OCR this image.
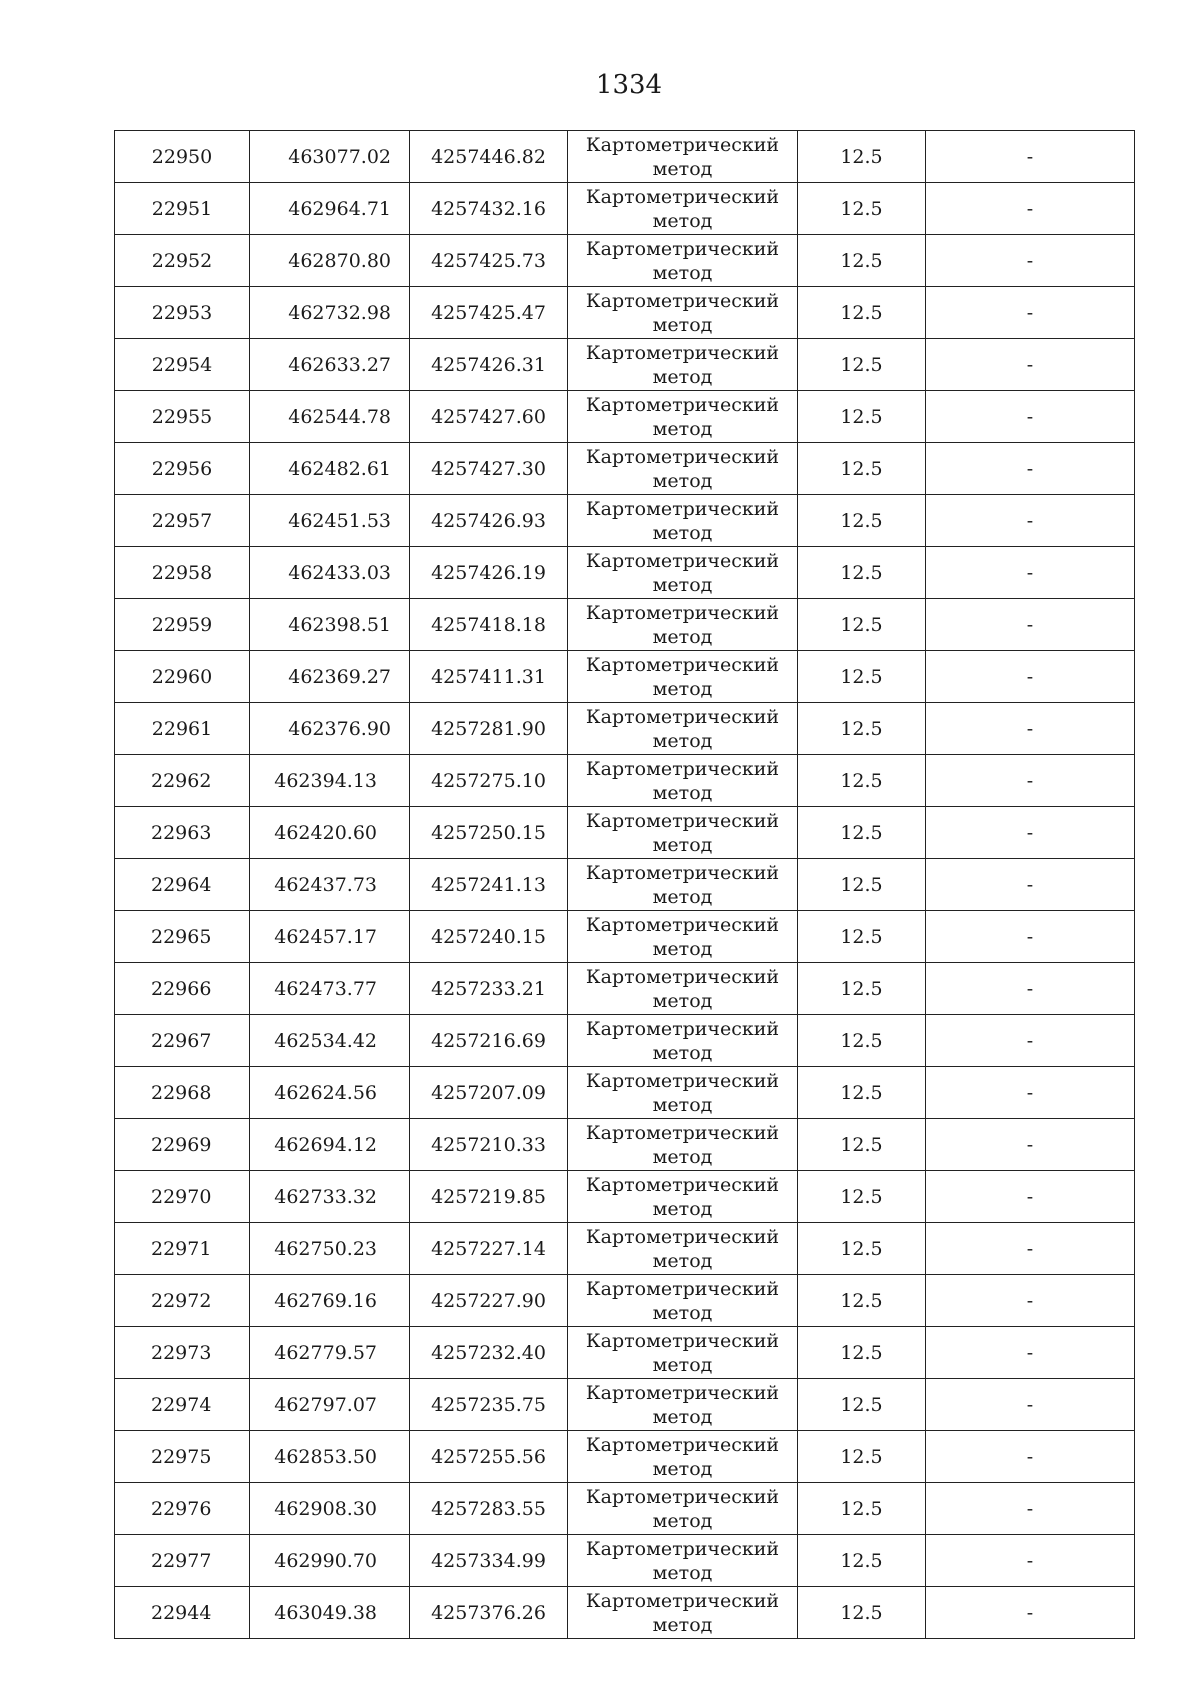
1334
22950	463077.02	4257446.82	Картометрический метод	12.5	-
22951	462964.71	4257432.16	Картометрический метод	12.5	-
22952	462870.80	4257425.73	Картометрический метод	12.5	-
22953	462732.98	4257425.47	Картометрический метод	12.5	-
22954	462633.27	4257426.31	Картометрический метод	12.5	-
22955	462544.78	4257427.60	Картометрический метод	12.5	-
22956	462482.61	4257427.30	Картометрический метод	12.5	-
22957	462451.53	4257426.93	Картометрический метод	12.5	-
22958	462433.03	4257426.19	Картометрический метод	12.5	-
22959	462398.51	4257418.18	Картометрический метод	12.5	-
22960	462369.27	4257411.31	Картометрический метод	12.5	-
22961	462376.90	4257281.90	Картометрический метод	12.5	-
22962	462394.13	4257275.10	Картометрический метод	12.5	-
22963	462420.60	4257250.15	Картометрический метод	12.5	-
22964	462437.73	4257241.13	Картометрический метод	12.5	-
22965	462457.17	4257240.15	Картометрический метод	12.5	-
22966	462473.77	4257233.21	Картометрический метод	12.5	-
22967	462534.42	4257216.69	Картометрический метод	12.5	-
22968	462624.56	4257207.09	Картометрический метод	12.5	-
22969	462694.12	4257210.33	Картометрический метод	12.5	-
22970	462733.32	4257219.85	Картометрический метод	12.5	-
22971	462750.23	4257227.14	Картометрический метод	12.5	-
22972	462769.16	4257227.90	Картометрический метод	12.5	-
22973	462779.57	4257232.40	Картометрический метод	12.5	-
22974	462797.07	4257235.75	Картометрический метод	12.5	-
22975	462853.50	4257255.56	Картометрический метод	12.5	-
22976	462908.30	4257283.55	Картометрический метод	12.5	-
22977	462990.70	4257334.99	Картометрический метод	12.5	-
22944	463049.38	4257376.26	Картометрический метод	12.5	-
